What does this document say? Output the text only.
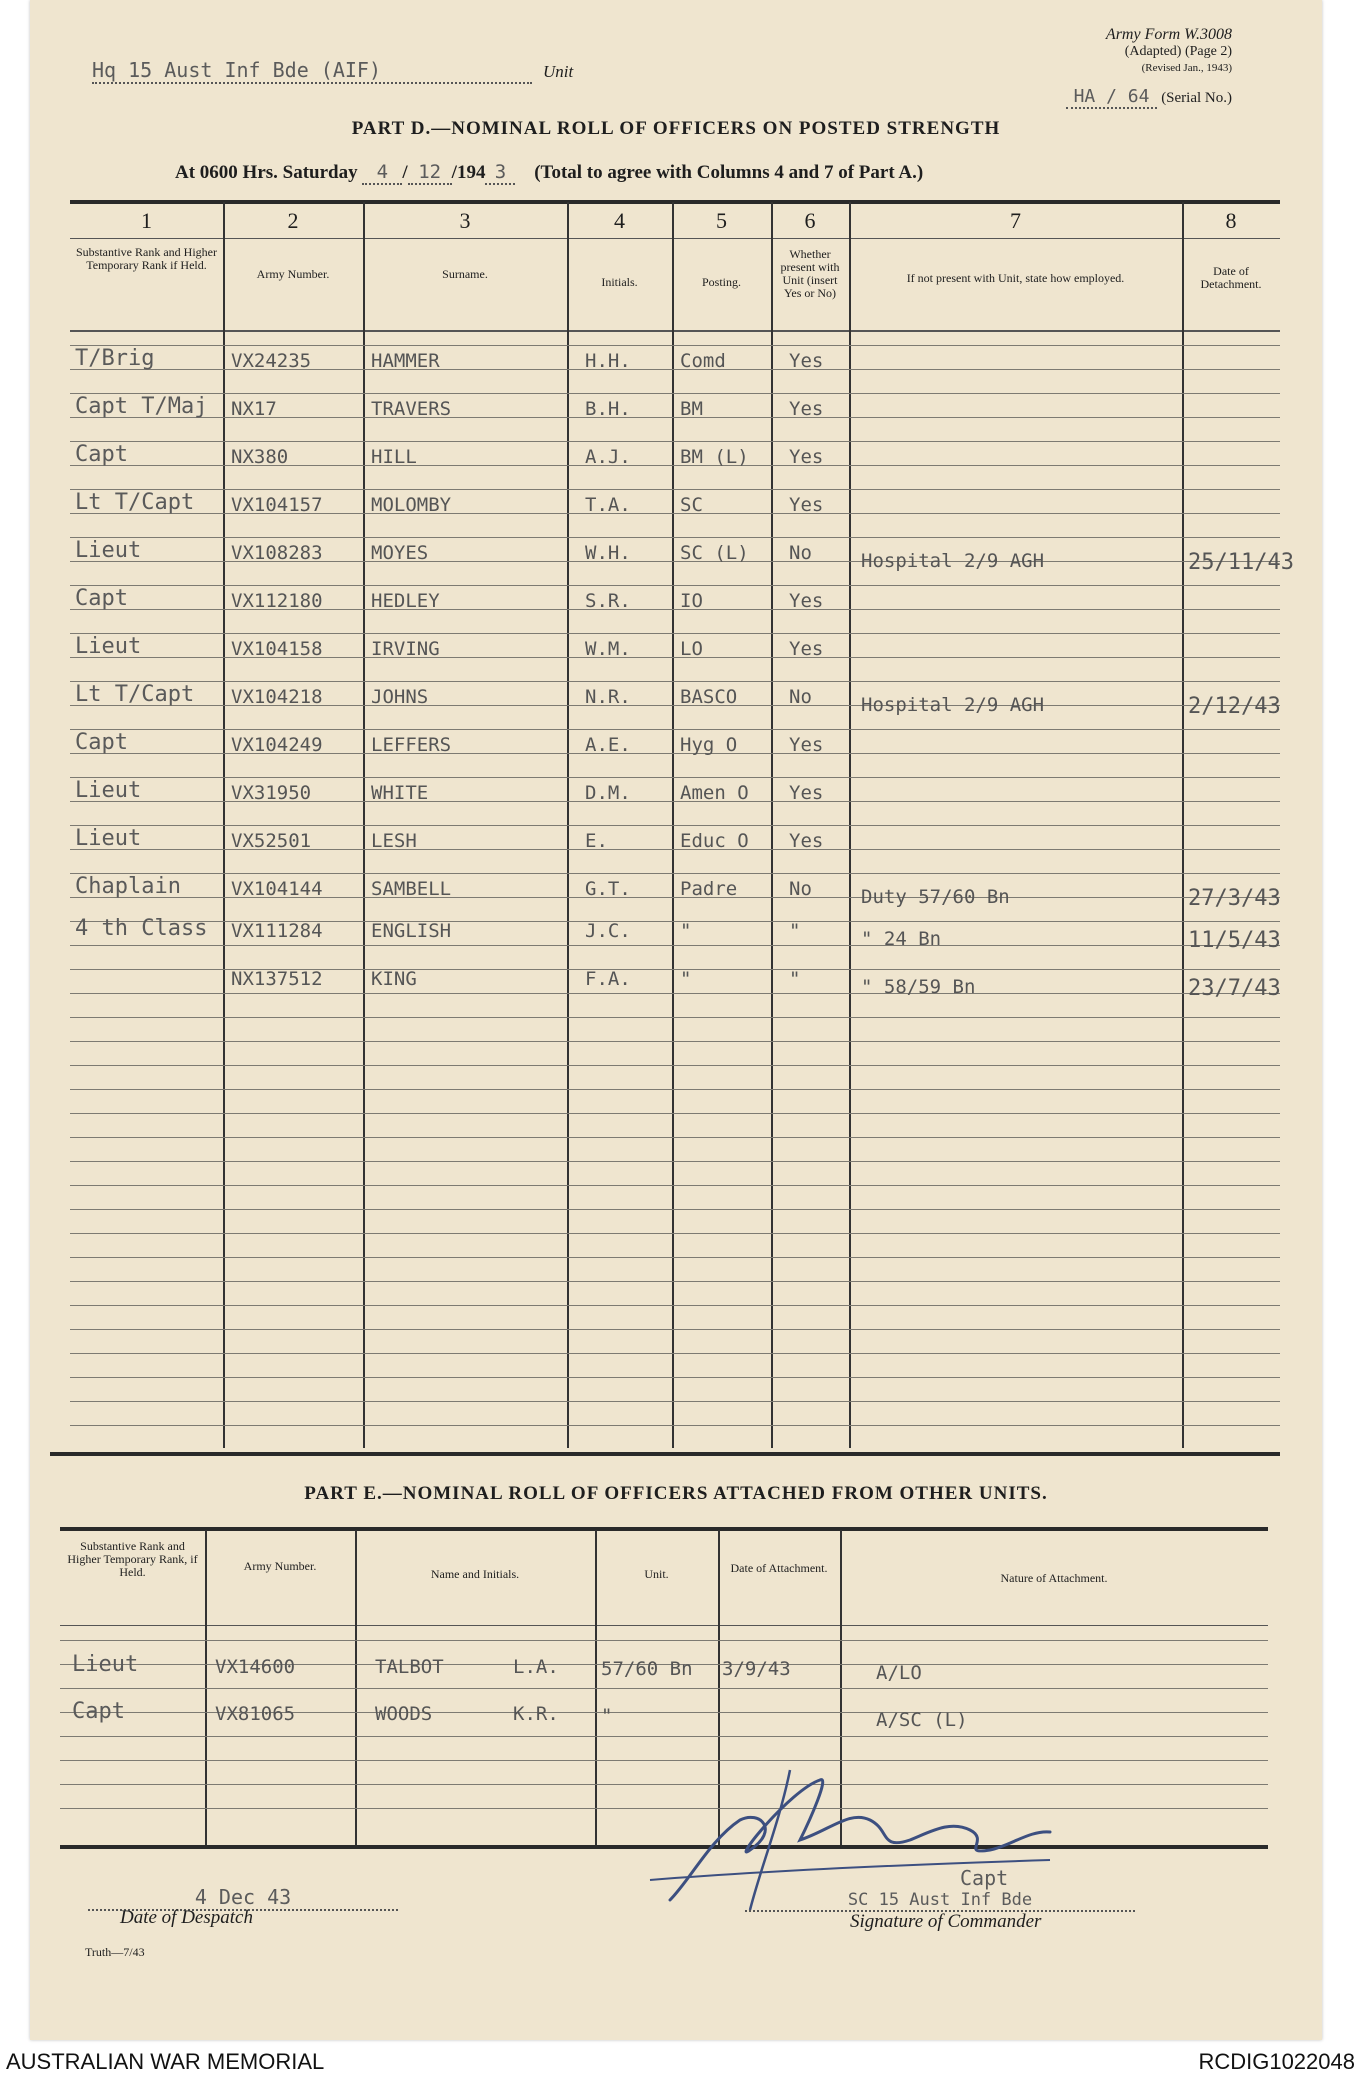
Army Form W.3008
(Adapted) (Page 2)
(Revised Jan., 1943)
Hq 15 Aust Inf Bde (AIF)	Unit
HA / 64 (Serial No.)
PART D.—NOMINAL ROLL OF OFFICERS ON POSTED STRENGTH
At 0600 Hrs. Saturday 4 / 12 /194 3 (Total to agree with Columns 4 and 7 of Part A.)
1	2	3	4	5	6	7	8
Substantive Rank and Higher Temporary Rank if Held.
Army Number.	Surname.
Initials.	Posting.
Whether present with Unit (insert Yes or No)
If not present with Unit, state how employed.	Date of Detachment.
T/Brig	VX24235	HAMMER	H.H.	Comd	Yes
Capt T/Maj NX17	TRAVERS	B.H.	BM	Yes
Capt	NX380	HILL	A.J.	BM (L) Yes
Lt T/Capt VX104157	MOLOMBY	T.A.	SC	Yes
Lieut	VX108283	MOYES	W.H.	SC (L) No	Hospital 2/9 AGH	25/11/43
Capt	VX112180	HEDLEY	S.R.	IO	Yes
Lieut	VX104158	IRVING	W.M.	LO	Yes
Lt T/Capt VX104218	JOHNS	N.R.	BASCO	No	Hospital 2/9 AGH	2/12/43
Capt	VX104249	LEFFERS	A.E.	Hyg O	Yes
Lieut	VX31950	WHITE	D.M.	Amen O Yes
Lieut	VX52501	LESH	E.	Educ O Yes
Chaplain	VX104144	SAMBELL	G.T.	Padre	No	Duty 57/60 Bn	27/3/43
4 th Class VX111284	ENGLISH	J.C.	"	"	" 24 Bn	11/5/43
NX137512	KING	F.A.	"	"	" 58/59 Bn	23/7/43
PART E.—NOMINAL ROLL OF OFFICERS ATTACHED FROM OTHER UNITS.
Substantive Rank and Higher Temporary Rank, if Held.	Army Number.
Name and Initials.	Unit.	Date of Attachment.
Nature of Attachment.
Lieut	VX14600	TALBOT	L.A. 57/60 Bn 3/9/43	A/LO
Capt	VX81065	WOODS	K.R. "	A/SC (L)
4 Dec 43
Date of Despatch
Capt
SC 15 Aust Inf Bde
Signature of Commander
Truth—7/43
AUSTRALIAN WAR MEMORIAL	RCDIG1022048
